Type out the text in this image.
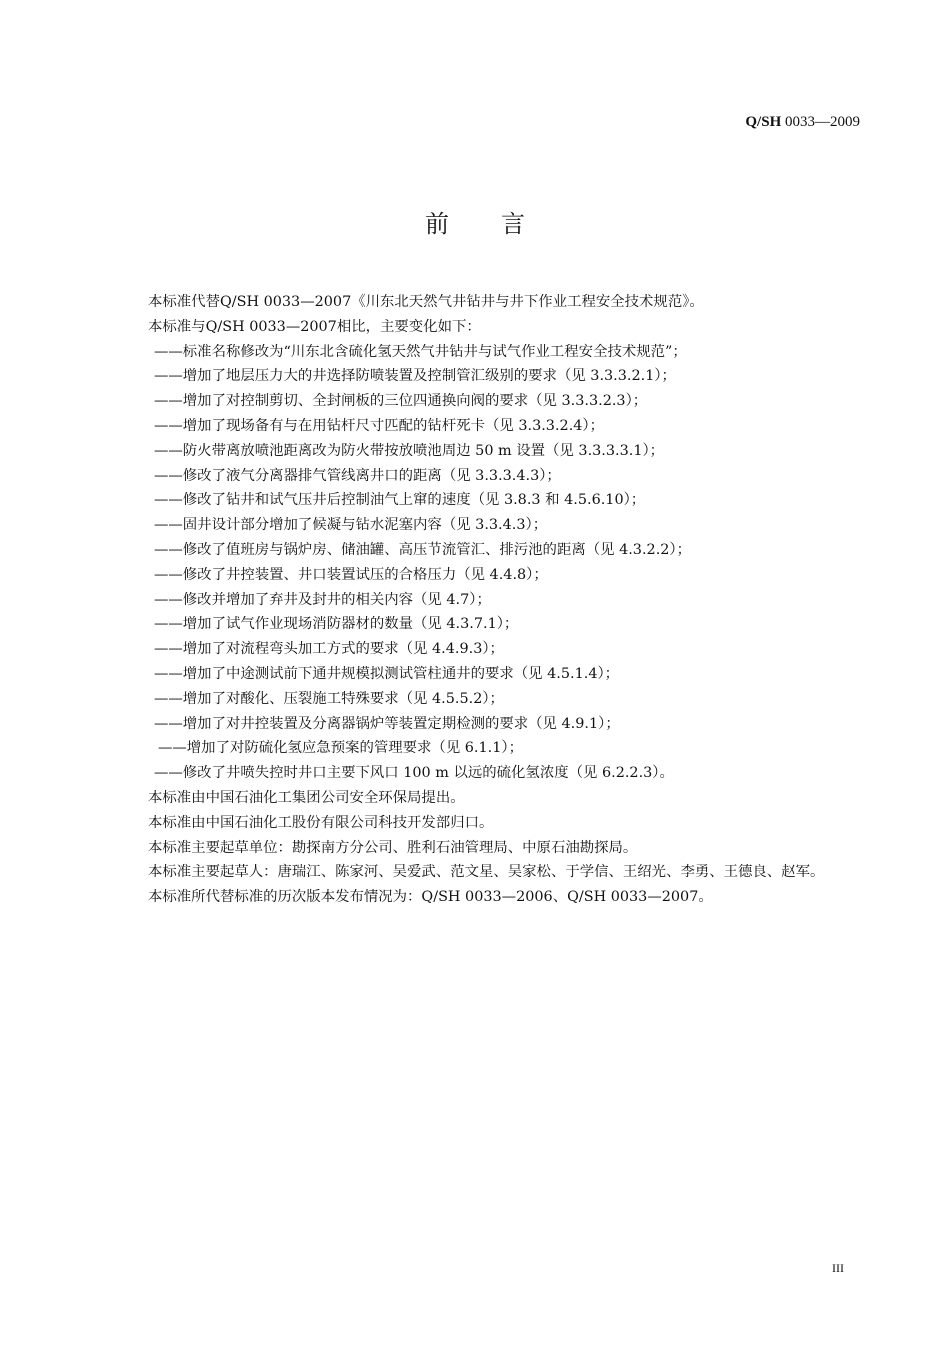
Q/SH 0033—2009
前言

本标准代替Q/SH 0033—2007《川东北天然气井钻井与井下作业工程安全技术规范》。

本标准与Q/SH 0033—2007相比，主要变化如下：

——标准名称修改为“川东北含硫化氢天然气井钻井与试气作业工程安全技术规范”；

——增加了地层压力大的井选择防喷装置及控制管汇级别的要求（见 3.3.3.2.1）；

——增加了对控制剪切、全封闸板的三位四通换向阀的要求（见 3.3.3.2.3）；

——增加了现场备有与在用钻杆尺寸匹配的钻杆死卡（见 3.3.3.2.4）；

——防火带离放喷池距离改为防火带按放喷池周边 50 m 设置（见 3.3.3.3.1）；

——修改了液气分离器排气管线离井口的距离（见 3.3.3.4.3）；

——修改了钻井和试气压井后控制油气上窜的速度（见 3.8.3 和 4.5.6.10）；

——固井设计部分增加了候凝与钻水泥塞内容（见 3.3.4.3）；

——修改了值班房与锅炉房、储油罐、高压节流管汇、排污池的距离（见 4.3.2.2）；

——修改了井控装置、井口装置试压的合格压力（见 4.4.8）；

——修改并增加了弃井及封井的相关内容（见 4.7）；

——增加了试气作业现场消防器材的数量（见 4.3.7.1）；

——增加了对流程弯头加工方式的要求（见 4.4.9.3）；

——增加了中途测试前下通井规模拟测试管柱通井的要求（见 4.5.1.4）；

——增加了对酸化、压裂施工特殊要求（见 4.5.5.2）；

——增加了对井控装置及分离器锅炉等装置定期检测的要求（见 4.9.1）；

——增加了对防硫化氢应急预案的管理要求（见 6.1.1）；

——修改了井喷失控时井口主要下风口 100 m 以远的硫化氢浓度（见 6.2.2.3）。

本标准由中国石油化工集团公司安全环保局提出。

本标准由中国石油化工股份有限公司科技开发部归口。

本标准主要起草单位：勘探南方分公司、胜利石油管理局、中原石油勘探局。

本标准主要起草人：唐瑞江、陈家河、吴爱武、范文星、吴家松、于学信、王绍光、李勇、王德良、赵军。

本标准所代替标准的历次版本发布情况为：Q/SH 0033—2006、Q/SH 0033—2007。

III
